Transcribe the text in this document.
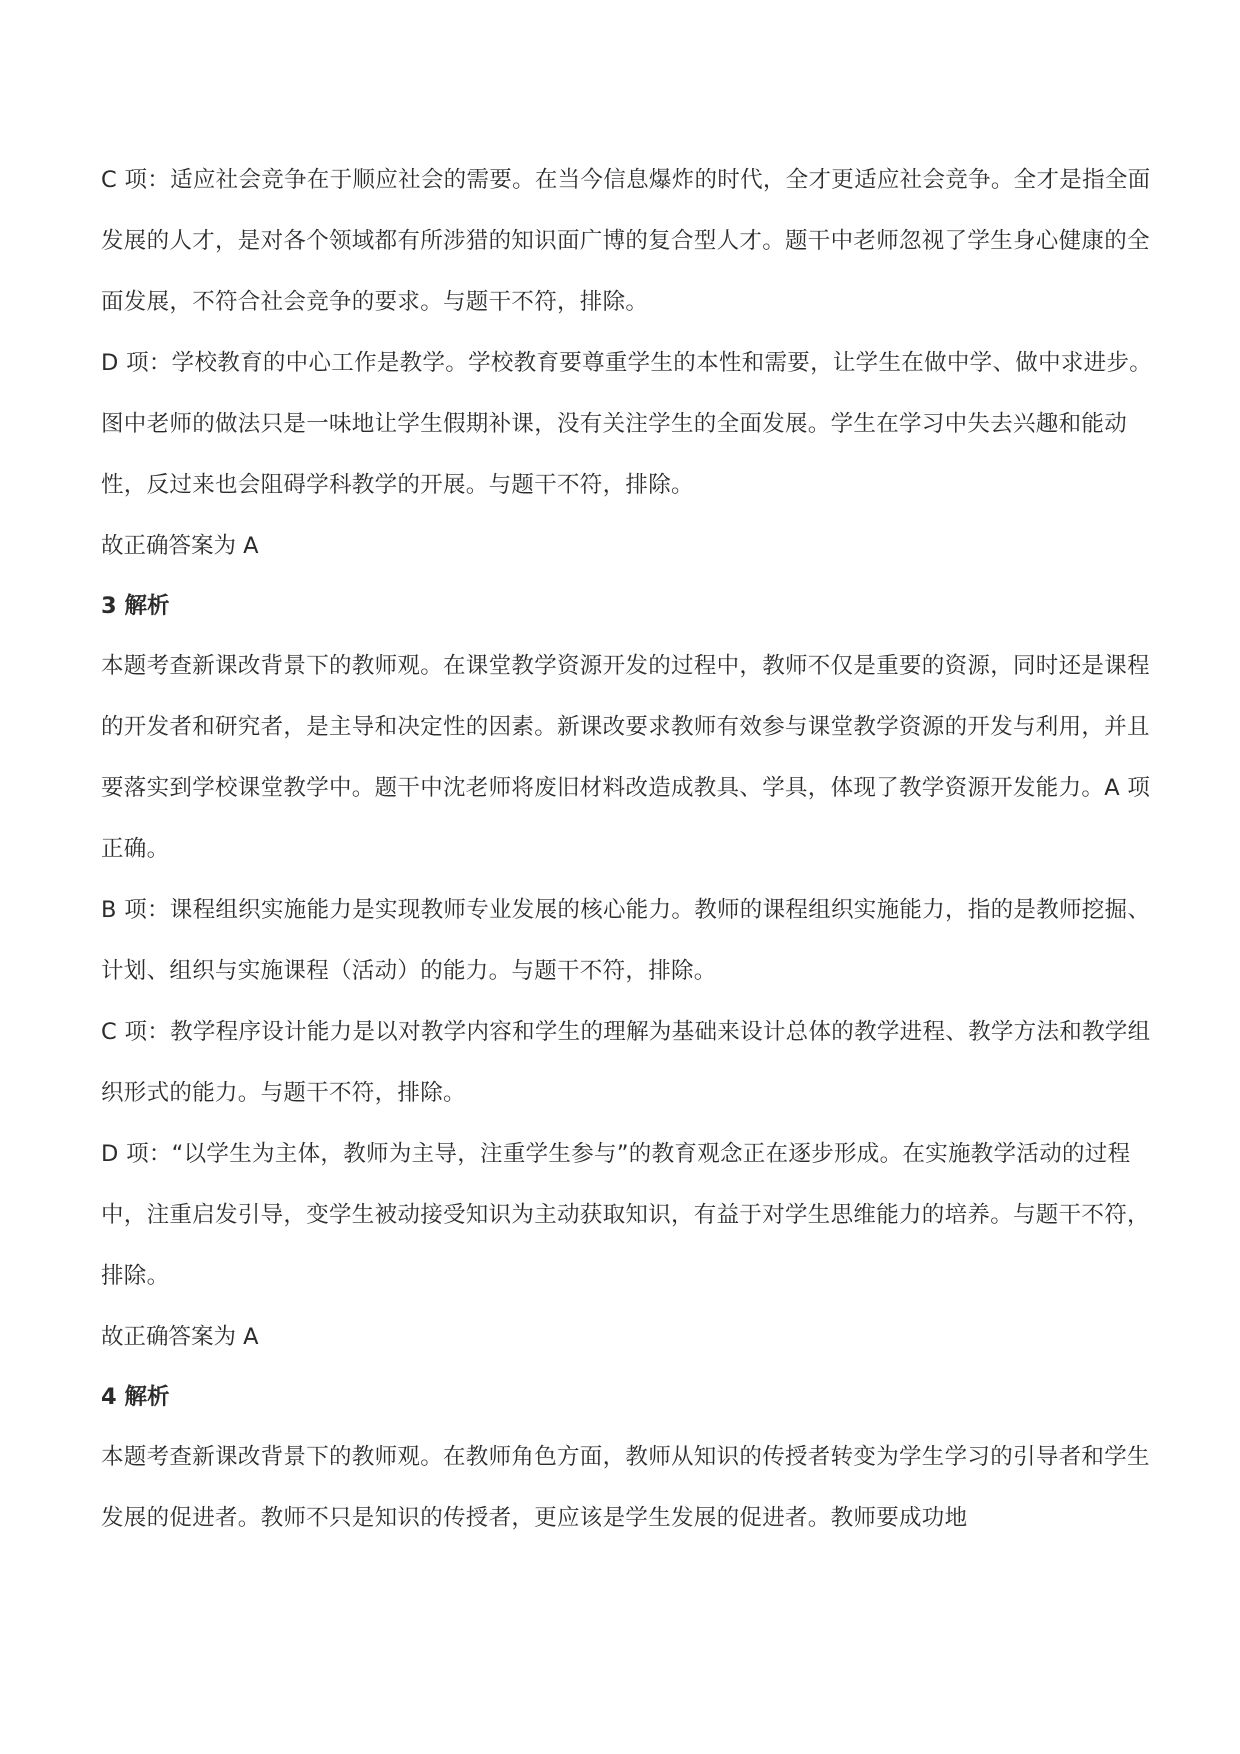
C 项：适应社会竞争在于顺应社会的需要。在当今信息爆炸的时代，全才更适应社会竞争。全才是指全面发展的人才，是对各个领域都有所涉猎的知识面广博的复合型人才。题干中老师忽视了学生身心健康的全面发展，不符合社会竞争的要求。与题干不符，排除。

D 项：学校教育的中心工作是教学。学校教育要尊重学生的本性和需要，让学生在做中学、做中求进步。图中老师的做法只是一味地让学生假期补课，没有关注学生的全面发展。学生在学习中失去兴趣和能动性，反过来也会阻碍学科教学的开展。与题干不符，排除。

故正确答案为 A

3 解析

本题考查新课改背景下的教师观。在课堂教学资源开发的过程中，教师不仅是重要的资源，同时还是课程的开发者和研究者，是主导和决定性的因素。新课改要求教师有效参与课堂教学资源的开发与利用，并且要落实到学校课堂教学中。题干中沈老师将废旧材料改造成教具、学具，体现了教学资源开发能力。A 项正确。

B 项：课程组织实施能力是实现教师专业发展的核心能力。教师的课程组织实施能力，指的是教师挖掘、计划、组织与实施课程（活动）的能力。与题干不符，排除。

C 项：教学程序设计能力是以对教学内容和学生的理解为基础来设计总体的教学进程、教学方法和教学组织形式的能力。与题干不符，排除。

D 项：“以学生为主体，教师为主导，注重学生参与”的教育观念正在逐步形成。在实施教学活动的过程中，注重启发引导，变学生被动接受知识为主动获取知识，有益于对学生思维能力的培养。与题干不符，排除。

故正确答案为 A

4 解析

本题考查新课改背景下的教师观。在教师角色方面，教师从知识的传授者转变为学生学习的引导者和学生发展的促进者。教师不只是知识的传授者，更应该是学生发展的促进者。教师要成功地
